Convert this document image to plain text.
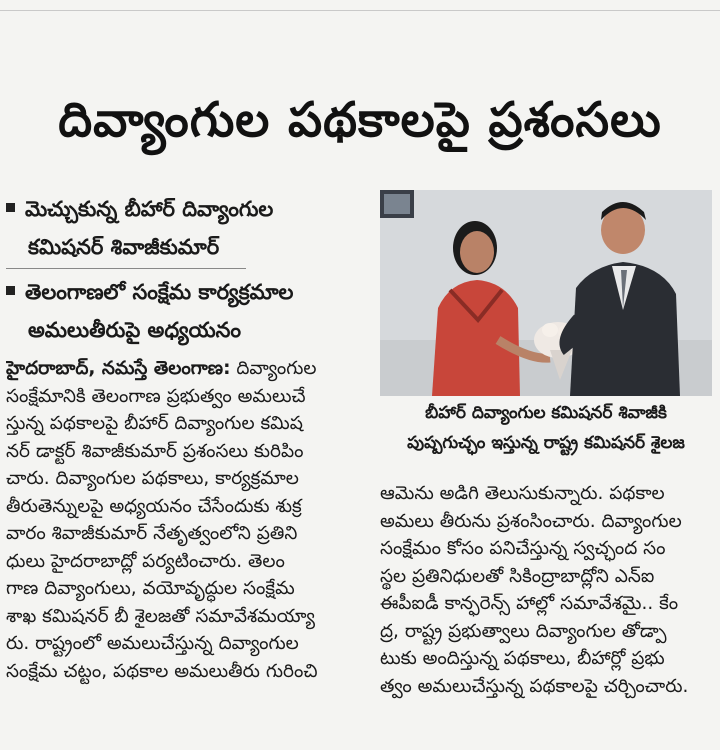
దివ్యాంగుల పథకాలపై ప్రశంసలు

మెచ్చుకున్న బీహార్ దివ్యాంగుల
కమిషనర్ శివాజీకుమార్

తెలంగాణలో సంక్షేమ కార్యక్రమాల
అమలుతీరుపై అధ్యయనం

హైదరాబాద్, నమస్తే తెలంగాణ: దివ్యాంగుల
సంక్షేమానికి తెలంగాణ ప్రభుత్వం అమలుచే
స్తున్న పథకాలపై బీహార్ దివ్యాంగుల కమిష
నర్ డాక్టర్ శివాజీకుమార్ ప్రశంసలు కురిపిం
చారు. దివ్యాంగుల పథకాలు, కార్యక్రమాల
తీరుతెన్నులపై అధ్యయనం చేసేందుకు శుక్ర
వారం శివాజీకుమార్ నేతృత్వంలోని ప్రతిని
ధులు హైదరాబాద్లో పర్యటించారు. తెలం
గాణ దివ్యాంగులు, వయోవృద్ధుల సంక్షేమ
శాఖ కమిషనర్ బీ శైలజతో సమావేశమయ్యా
రు. రాష్ట్రంలో అమలుచేస్తున్న దివ్యాంగుల
సంక్షేమ చట్టం, పథకాల అమలుతీరు గురించి
బీహార్ దివ్యాంగుల కమిషనర్ శివాజీకి
పుష్పగుచ్ఛం ఇస్తున్న రాష్ట్ర కమిషనర్ శైలజ
ఆమెను అడిగి తెలుసుకున్నారు. పథకాల
అమలు తీరును ప్రశంసించారు. దివ్యాంగుల
సంక్షేమం కోసం పనిచేస్తున్న స్వచ్ఛంద సం
స్థల ప్రతినిధులతో సికింద్రాబాద్లోని ఎన్ఐ
ఈపీఐడీ కాన్ఫరెన్స్ హాల్లో సమావేశమై.. కేం
ద్ర, రాష్ట్ర ప్రభుత్వాలు దివ్యాంగుల తోడ్పా
టుకు అందిస్తున్న పథకాలు, బీహార్లో ప్రభు
త్వం అమలుచేస్తున్న పథకాలపై చర్చించారు.
